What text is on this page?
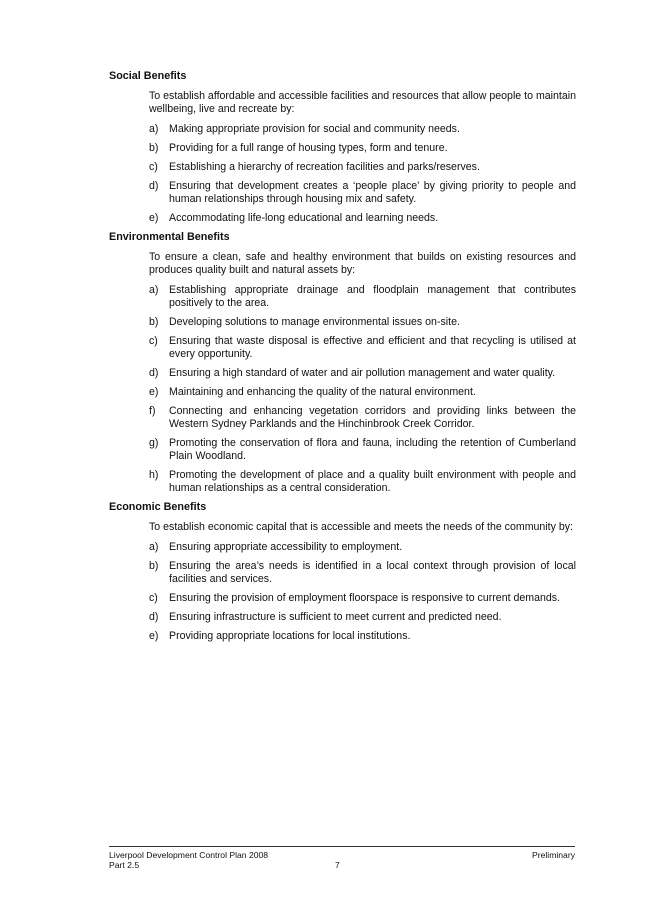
Social Benefits
To establish affordable and accessible facilities and resources that allow people to maintain wellbeing, live and recreate by:
a) Making appropriate provision for social and community needs.
b) Providing for a full range of housing types, form and tenure.
c)	Establishing a hierarchy of recreation facilities and parks/reserves.
d) Ensuring that development creates a ‘people place’ by giving priority to people and human relationships through housing mix and safety.
e) Accommodating life-long educational and learning needs.
Environmental Benefits
To ensure a clean, safe and healthy environment that builds on existing resources and produces quality built and natural assets by:
a) Establishing appropriate drainage and floodplain management that contributes positively to the area.
b) Developing solutions to manage environmental issues on-site.
c)	Ensuring that waste disposal is effective and efficient and that recycling is utilised at every opportunity.
d) Ensuring a high standard of water and air pollution management and water quality.
e) Maintaining and enhancing the quality of the natural environment.
f)	Connecting and enhancing vegetation corridors and providing links between the Western Sydney Parklands and the Hinchinbrook Creek Corridor.
g) Promoting the conservation of flora and fauna, including the retention of Cumberland Plain Woodland.
h) Promoting the development of place and a quality built environment with people and human relationships as a central consideration.
Economic Benefits
To establish economic capital that is accessible and meets the needs of the community by:
a) Ensuring appropriate accessibility to employment.
b) Ensuring the area’s needs is identified in a local context through provision of local facilities and services.
c)	Ensuring the provision of employment floorspace is responsive to current demands.
d) Ensuring infrastructure is sufficient to meet current and predicted need.
e) Providing appropriate locations for local institutions.
Liverpool Development Control Plan 2008	Preliminary
Part 2.5	7
